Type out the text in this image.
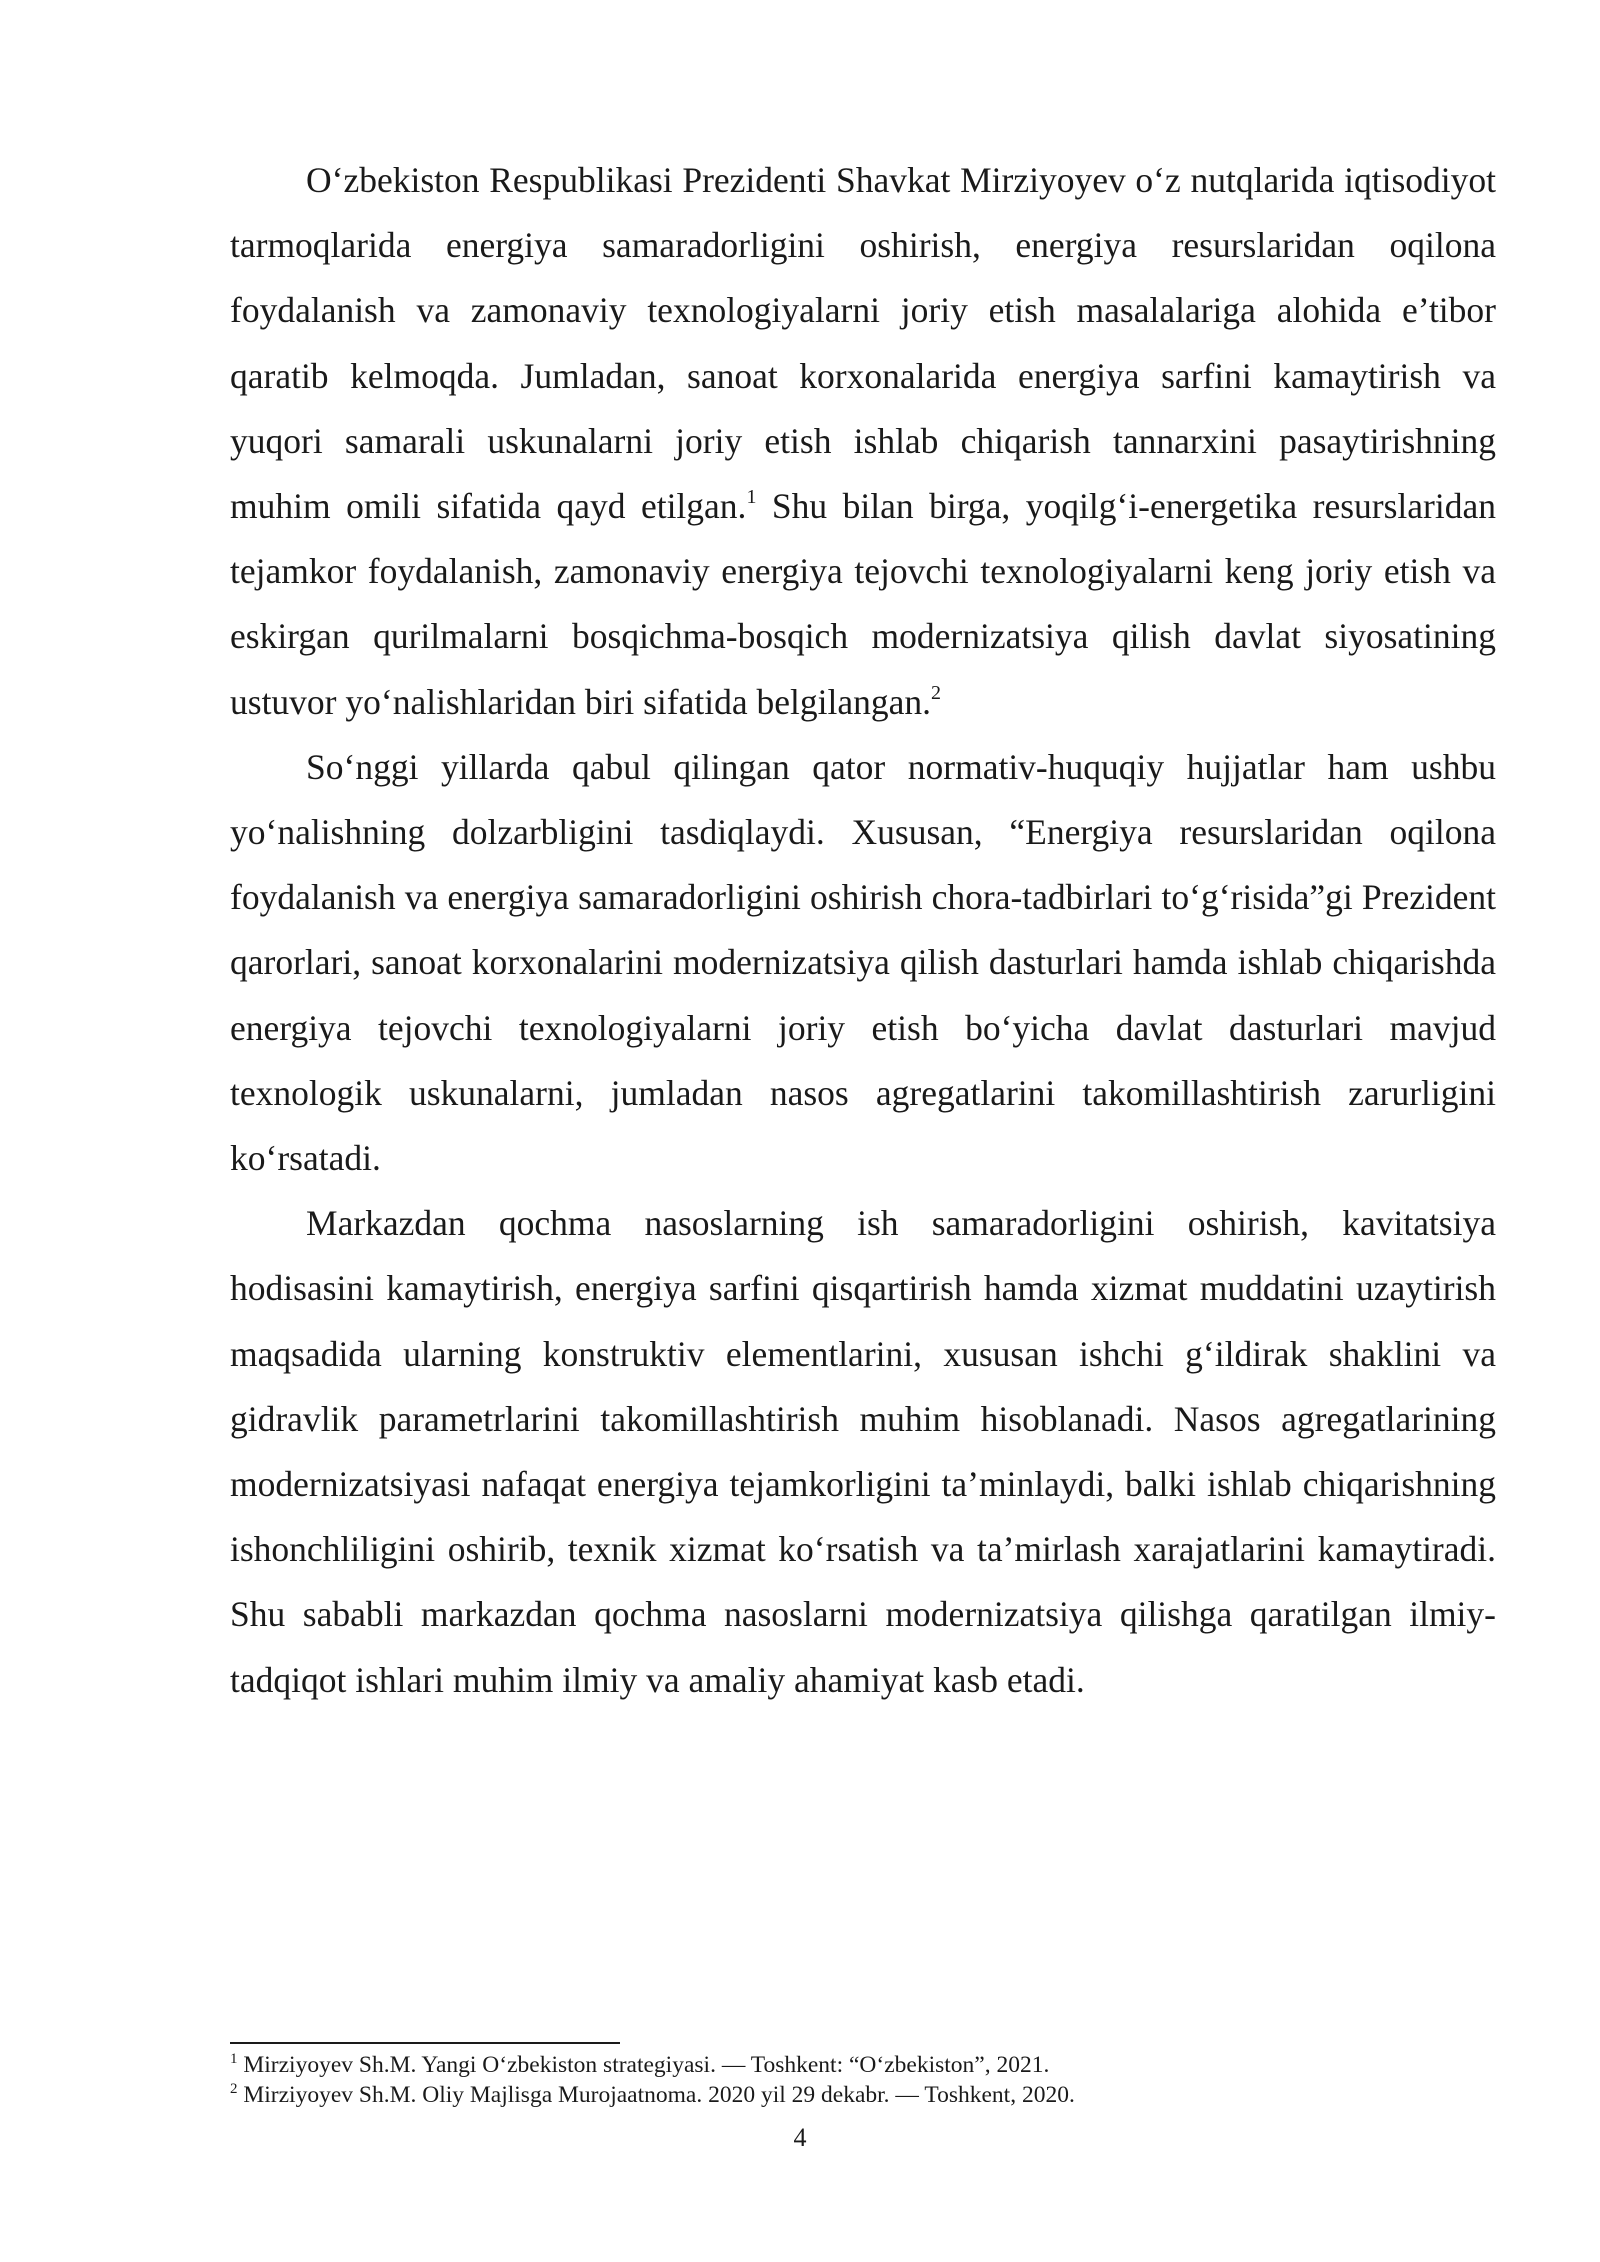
O‘zbekiston Respublikasi Prezidenti Shavkat Mirziyoyev o‘z nutqlarida iqtisodiyot tarmoqlarida energiya samaradorligini oshirish, energiya resurslaridan oqilona foydalanish va zamonaviy texnologiyalarni joriy etish masalalariga alohida e’tibor qaratib kelmoqda. Jumladan, sanoat korxonalarida energiya sarfini kamaytirish va yuqori samarali uskunalarni joriy etish ishlab chiqarish tannarxini pasaytirishning muhim omili sifatida qayd etilgan.$^1$ Shu bilan birga, yoqilg‘i-energetika resurslaridan tejamkor foydalanish, zamonaviy energiya tejovchi texnologiyalarni keng joriy etish va eskirgan qurilmalarni bosqichma-bosqich modernizatsiya qilish davlat siyosatining ustuvor yo‘nalishlaridan biri sifatida belgilangan.$^2$

So‘nggi yillarda qabul qilingan qator normativ-huquqiy hujjatlar ham ushbu yo‘nalishning dolzarbligini tasdiqlaydi. Xususan, “Energiya resurslaridan oqilona foydalanish va energiya samaradorligini oshirish chora-tadbirlari to‘g‘risida”gi Prezident qarorlari, sanoat korxonalarini modernizatsiya qilish dasturlari hamda ishlab chiqarishda energiya tejovchi texnologiyalarni joriy etish bo‘yicha davlat dasturlari mavjud texnologik uskunalarni, jumladan nasos agregatlarini takomillashtirish zarurligini ko‘rsatadi.

Markazdan qochma nasoslarning ish samaradorligini oshirish, kavitatsiya hodisasini kamaytirish, energiya sarfini qisqartirish hamda xizmat muddatini uzaytirish maqsadida ularning konstruktiv elementlarini, xususan ishchi g‘ildirak shaklini va gidravlik parametrlarini takomillashtirish muhim hisoblanadi. Nasos agregatlarining modernizatsiyasi nafaqat energiya tejamkorligini ta’minlaydi, balki ishlab chiqarishning ishonchliligini oshirib, texnik xizmat ko‘rsatish va ta’mirlash xarajatlarini kamaytiradi. Shu sababli markazdan qochma nasoslarni modernizatsiya qilishga qaratilgan ilmiy-tadqiqot ishlari muhim ilmiy va amaliy ahamiyat kasb etadi.

$^1$ Mirziyoyev Sh.M. Yangi O‘zbekiston strategiyasi. — Toshkent: “O‘zbekiston”, 2021.

$^2$ Mirziyoyev Sh.M. Oliy Majlisga Murojaatnoma. 2020 yil 29 dekabr. — Toshkent, 2020.

4
